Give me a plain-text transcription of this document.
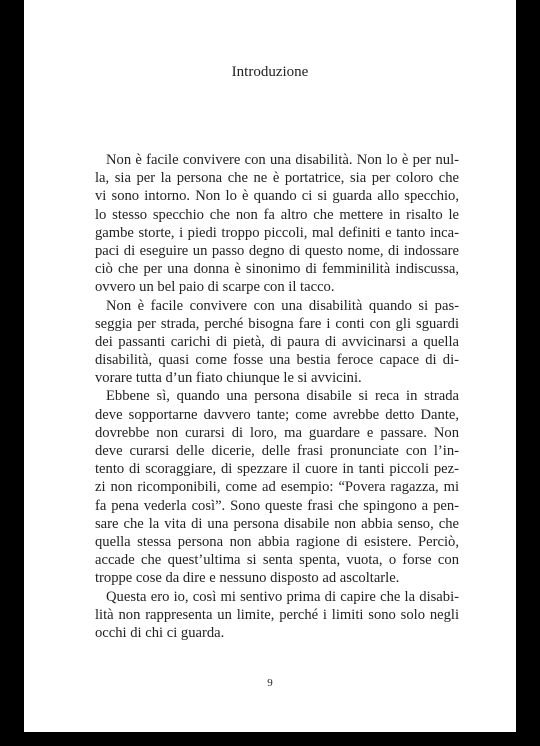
Introduzione
Non è facile convivere con una disabilità. Non lo è per nul-
la, sia per la persona che ne è portatrice, sia per coloro che
vi sono intorno. Non lo è quando ci si guarda allo specchio,
lo stesso specchio che non fa altro che mettere in risalto le
gambe storte, i piedi troppo piccoli, mal definiti e tanto inca-
paci di eseguire un passo degno di questo nome, di indossare
ciò che per una donna è sinonimo di femminilità indiscussa,
ovvero un bel paio di scarpe con il tacco.
Non è facile convivere con una disabilità quando si pas-
seggia per strada, perché bisogna fare i conti con gli sguardi
dei passanti carichi di pietà, di paura di avvicinarsi a quella
disabilità, quasi come fosse una bestia feroce capace di di-
vorare tutta d’un fiato chiunque le si avvicini.
Ebbene sì, quando una persona disabile si reca in strada
deve sopportarne davvero tante; come avrebbe detto Dante,
dovrebbe non curarsi di loro, ma guardare e passare. Non
deve curarsi delle dicerie, delle frasi pronunciate con l’in-
tento di scoraggiare, di spezzare il cuore in tanti piccoli pez-
zi non ricomponibili, come ad esempio: “Povera ragazza, mi
fa pena vederla così”. Sono queste frasi che spingono a pen-
sare che la vita di una persona disabile non abbia senso, che
quella stessa persona non abbia ragione di esistere. Perciò,
accade che quest’ultima si senta spenta, vuota, o forse con
troppe cose da dire e nessuno disposto ad ascoltarle.
Questa ero io, così mi sentivo prima di capire che la disabi-
lità non rappresenta un limite, perché i limiti sono solo negli
occhi di chi ci guarda.
9
